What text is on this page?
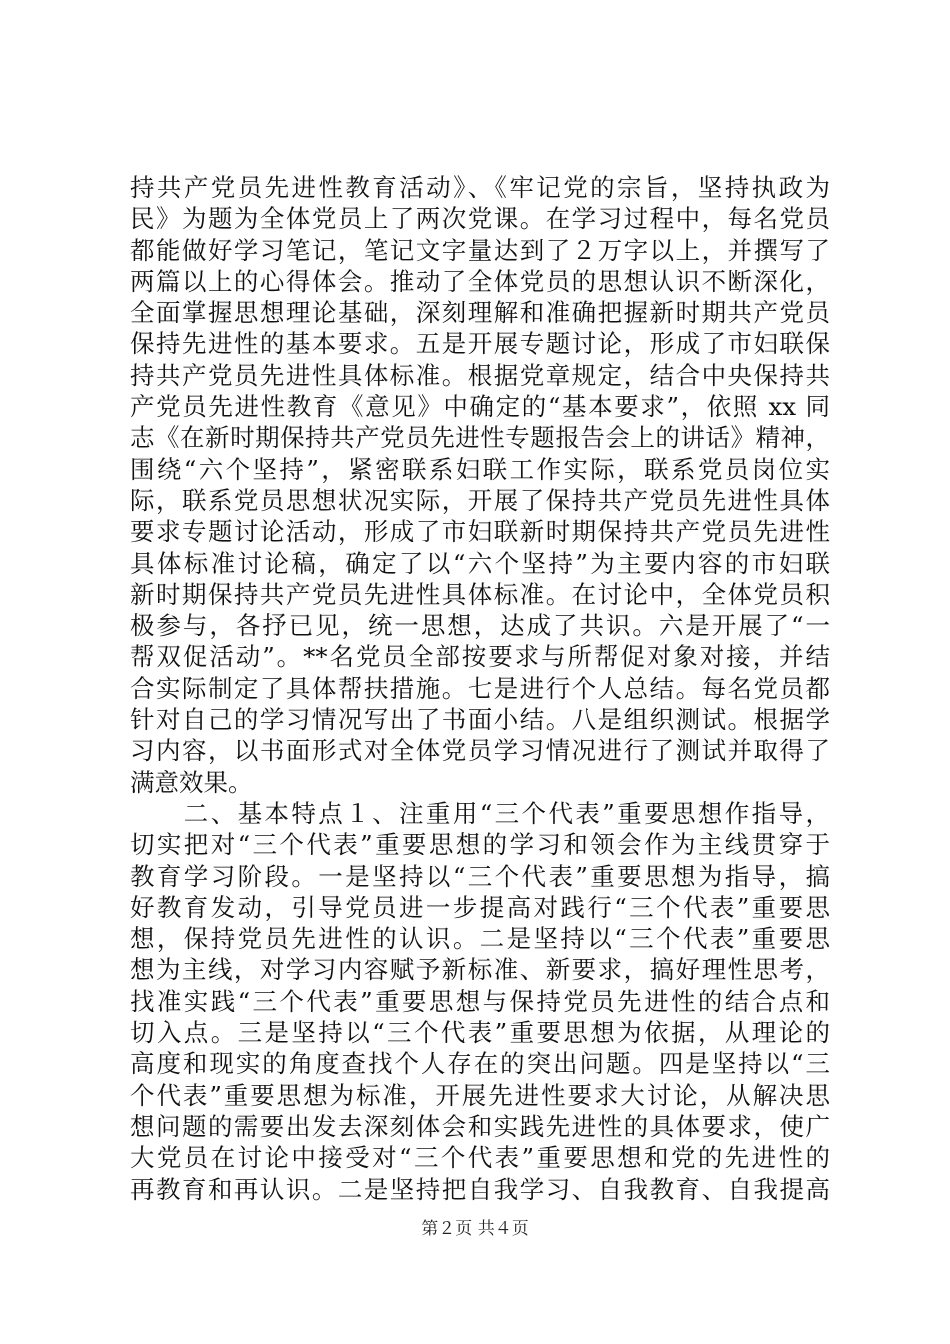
持共产党员先进性教育活动》、《牢记党的宗旨，坚持执政为
民》为题为全体党员上了两次党课。在学习过程中，每名党员
都能做好学习笔记，笔记文字量达到了２万字以上，并撰写了
两篇以上的心得体会。推动了全体党员的思想认识不断深化，
全面掌握思想理论基础，深刻理解和准确把握新时期共产党员
保持先进性的基本要求。五是开展专题讨论，形成了市妇联保
持共产党员先进性具体标准。根据党章规定，结合中央保持共
产党员先进性教育《意见》中确定的“基本要求”，依照 xx 同
志《在新时期保持共产党员先进性专题报告会上的讲话》精神，
围绕“六个坚持”，紧密联系妇联工作实际，联系党员岗位实
际，联系党员思想状况实际，开展了保持共产党员先进性具体
要求专题讨论活动，形成了市妇联新时期保持共产党员先进性
具体标准讨论稿，确定了以“六个坚持”为主要内容的市妇联
新时期保持共产党员先进性具体标准。在讨论中，全体党员积
极参与，各抒已见，统一思想，达成了共识。六是开展了“一
帮双促活动”。**名党员全部按要求与所帮促对象对接，并结
合实际制定了具体帮扶措施。七是进行个人总结。每名党员都
针对自己的学习情况写出了书面小结。八是组织测试。根据学
习内容，以书面形式对全体党员学习情况进行了测试并取得了
满意效果。
　　二、基本特点１、注重用“三个代表”重要思想作指导，
切实把对“三个代表”重要思想的学习和领会作为主线贯穿于
教育学习阶段。一是坚持以“三个代表”重要思想为指导，搞
好教育发动，引导党员进一步提高对践行“三个代表”重要思
想，保持党员先进性的认识。二是坚持以“三个代表”重要思
想为主线，对学习内容赋予新标准、新要求，搞好理性思考，
找准实践“三个代表”重要思想与保持党员先进性的结合点和
切入点。三是坚持以“三个代表”重要思想为依据，从理论的
高度和现实的角度查找个人存在的突出问题。四是坚持以“三
个代表”重要思想为标准，开展先进性要求大讨论，从解决思
想问题的需要出发去深刻体会和实践先进性的具体要求，使广
大党员在讨论中接受对“三个代表”重要思想和党的先进性的
再教育和再认识。二是坚持把自我学习、自我教育、自我提高
第２页 共４页
